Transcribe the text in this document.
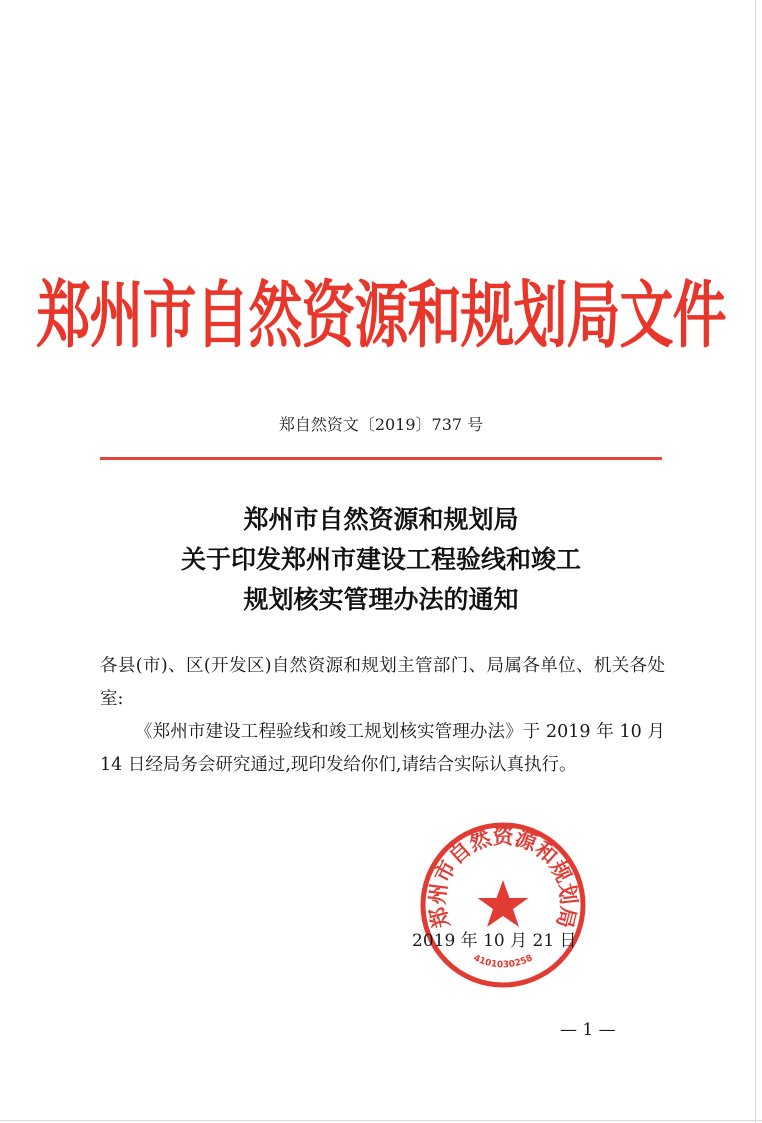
郑州市自然资源和规划局文件
郑自然资文〔2019〕737 号
郑州市自然资源和规划局
关于印发郑州市建设工程验线和竣工
规划核实管理办法的通知

各县(市)、区(开发区)自然资源和规划主管部门、局属各单位、机关各处室:

《郑州市建设工程验线和竣工规划核实管理办法》于 2019 年 10 月 14 日经局务会研究通过,现印发给你们,请结合实际认真执行。

郑州市自然资源和规划局
4101030258
2019 年 10 月 21 日
— 1 —
